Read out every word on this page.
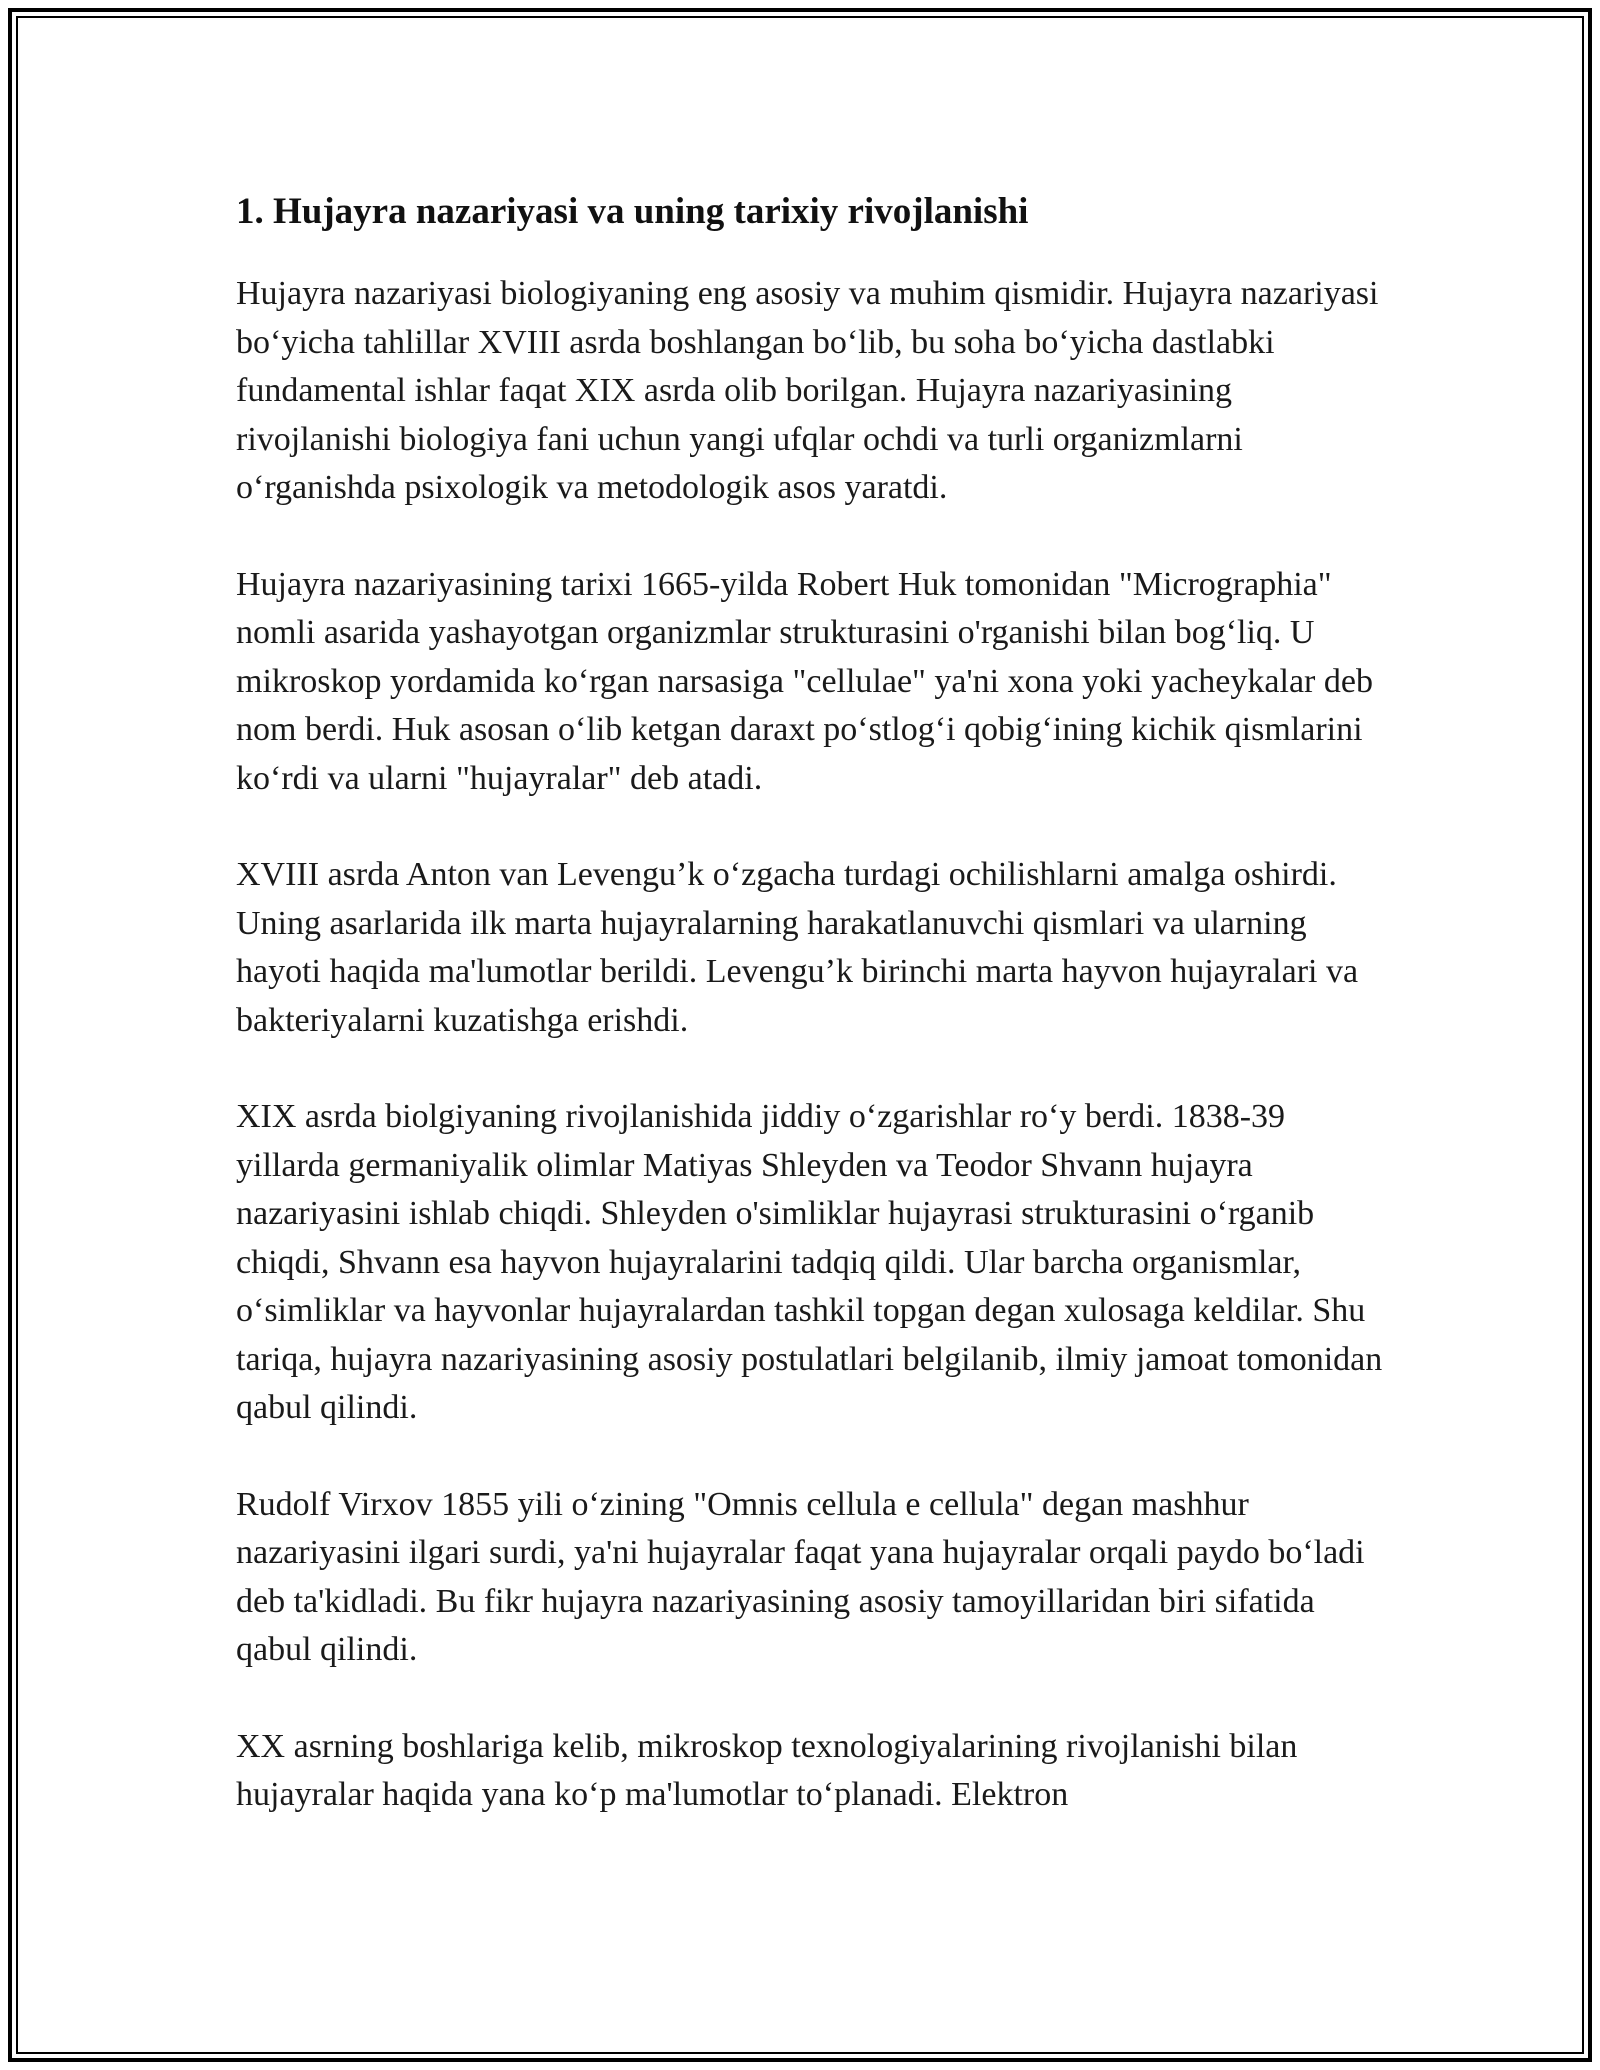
1. Hujayra nazariyasi va uning tarixiy rivojlanishi

Hujayra nazariyasi biologiyaning eng asosiy va muhim qismidir. Hujayra nazariyasi bo‘yicha tahlillar XVIII asrda boshlangan bo‘lib, bu soha bo‘yicha dastlabki fundamental ishlar faqat XIX asrda olib borilgan. Hujayra nazariyasining rivojlanishi biologiya fani uchun yangi ufqlar ochdi va turli organizmlarni o‘rganishda psixologik va metodologik asos yaratdi.

Hujayra nazariyasining tarixi 1665-yilda Robert Huk tomonidan "Micrographia" nomli asarida yashayotgan organizmlar strukturasini o'rganishi bilan bog‘liq. U mikroskop yordamida ko‘rgan narsasiga "cellulae" ya'ni xona yoki yacheykalar deb nom berdi. Huk asosan o‘lib ketgan daraxt po‘stlog‘i qobig‘ining kichik qismlarini ko‘rdi va ularni "hujayralar" deb atadi.

XVIII asrda Anton van Levengu’k o‘zgacha turdagi ochilishlarni amalga oshirdi. Uning asarlarida ilk marta hujayralarning harakatlanuvchi qismlari va ularning hayoti haqida ma'lumotlar berildi. Levengu’k birinchi marta hayvon hujayralari va bakteriyalarni kuzatishga erishdi.

XIX asrda biolgiyaning rivojlanishida jiddiy o‘zgarishlar ro‘y berdi. 1838-39 yillarda germaniyalik olimlar Matiyas Shleyden va Teodor Shvann hujayra nazariyasini ishlab chiqdi. Shleyden o'simliklar hujayrasi strukturasini o‘rganib chiqdi, Shvann esa hayvon hujayralarini tadqiq qildi. Ular barcha organismlar, o‘simliklar va hayvonlar hujayralardan tashkil topgan degan xulosaga keldilar. Shu tariqa, hujayra nazariyasining asosiy postulatlari belgilanib, ilmiy jamoat tomonidan qabul qilindi.

Rudolf Virxov 1855 yili o‘zining "Omnis cellula e cellula" degan mashhur nazariyasini ilgari surdi, ya'ni hujayralar faqat yana hujayralar orqali paydo bo‘ladi deb ta'kidladi. Bu fikr hujayra nazariyasining asosiy tamoyillaridan biri sifatida qabul qilindi.

XX asrning boshlariga kelib, mikroskop texnologiyalarining rivojlanishi bilan hujayralar haqida yana ko‘p ma'lumotlar to‘planadi. Elektron
